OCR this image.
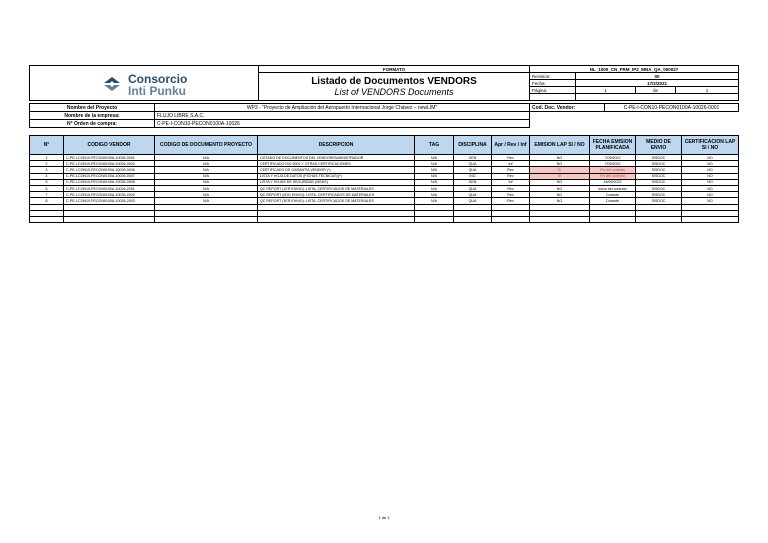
Consorcio
Inti Punku	FORMATO	NL_1000_CN_FRM_IP2_MNA_QA_000027			

	Listado de Documentos VENDORS
List of VENDORS Documents	Revisión:	00		
		Fecha:	17/2/2021		
		Página:	1	de	1

Nombre del Proyecto	WP3 - "Proyecto de Ampliación del Aeropuerto Internacional Jorge Chávez – newLIM"	Cod. Doc. Vendor:	C-PE-I-CON10-PECON0100A-10026-0001
Nombre de la empresa:	FLUJO LIBRE S.A.C.		
N° Orden de compra:	C-PE-I-CON10-PECON0100A-10026		
N°	CODIGO VENDOR	CODIGO DE DOCUMENTO PROYECTO	DESCRIPCION	TAG	DISCIPLINA	Apr / Rev / Inf	EMISION LAP SI / NO	FECHA EMISION PLANIFICADA	MEDIO DE ENVIO	CERTIFICACION LAP SI / NO
1	C-PE-I-CON10-PECON0100A-10026-0001	N/A	LISTADO DE DOCUMENTOS DEL VENDOR/SUMINISTRADOR	N/A	GEN	Rev	NO	7/09/2022	SISDOC	NO
2	C-PE-I-CON10-PECON0100A-10026-0002	N/A	CERTIFICADO ISO 9001 Y OTRAS CERTIFICACIONES	N/A	QUA	Inf	NO	7/09/2022	SISDOC	NO
3	C-PE-I-CON10-PECON0100A-10026-0006	N/A	CERTIFICADO DE GARANTIA VENDOR (*)	N/A	QUA	Rev	SI	Fin del contrato	SISDOC	NO
4	C-PE-I-CON10-PECON0100A-10026-0007	N/A	LISTA Y HOJA DE DATOS (FICHAS TECNICAS)(*)	N/A	ING	Rev	SI	Fin del contrato	SISDOC	NO
5	C-PE-I-CON10-PECON0100A-10026-0008	N/A	LISTA Y HOJAS DE SEGURIDAD (MSDS)	N/A	GEN	Inf	NO	16/09/2022	SISDOC	NO
6	C-PE-I-CON10-PECON0100A-10026-2001	N/A	QC REPORT (1ER ENVIO): LISTA, CERTIFICADOS DE MATERIALES	N/A	QUA	Rev	NO	Inicio del contrato	SISDOC	NO
7	C-PE-I-CON10-PECON0100A-10026-2002	N/A	QC REPORT (2DO ENVIO): LISTA, CERTIFICADOS DE MATERIALES	N/A	QUA	Rev	NO	Durante	SISDOC	NO
8	C-PE-I-CON10-PECON0100A-10026-2003	N/A	QC REPORT (3ER ENVIO): LISTA, CERTIFICADOS DE MATERIALES	N/A	QUA	Rev	NO	Durante	SISDOC	NO

1 de 1
